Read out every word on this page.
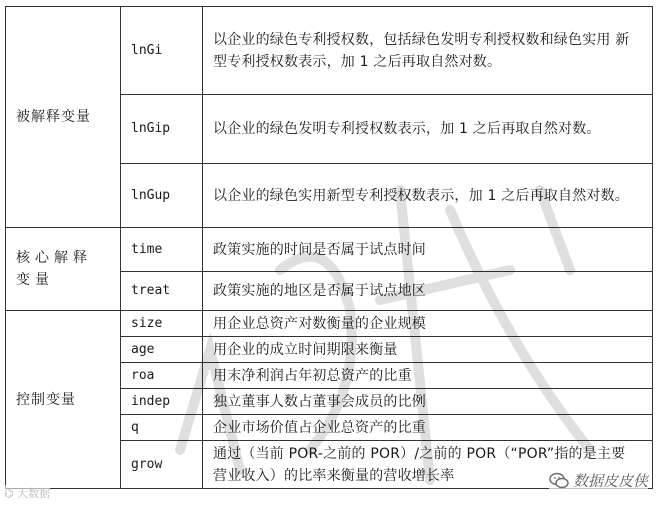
被解释变量	lnGi	以企业的绿色专利授权数，包括绿色发明专利授权数和绿色实用 新型专利授权数表示，加 1 之后再取自然对数。
	lnGip	以企业的绿色发明专利授权数表示，加 1 之后再取自然对数。
	lnGup	以企业的绿色实用新型专利授权数表示，加 1 之后再取自然对数。
核心解释变量	time	政策实施的时间是否属于试点时间
	treat	政策实施的地区是否属于试点地区
控制变量	size	用企业总资产对数衡量的企业规模
	age	用企业的成立时间期限来衡量
	roa	用末净利润占年初总资产的比重
	indep	独立董事人数占董事会成员的比例
	q	企业市场价值占企业总资产的比重
	grow	通过（当前 POR-之前的 POR）/之前的 POR（“POR”指的是主要 营业收入）的比率来衡量的营收增长率
⌬ 大数据
数据皮皮侠
